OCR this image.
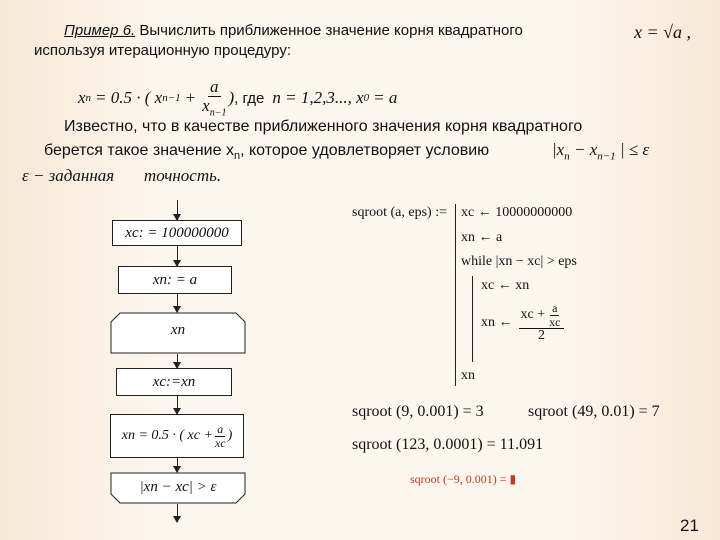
Пример 6. Вычислить приближенное значение корня квадратного
используя итерационную процедуру:
x = √a ,
x n = 0.5 · ( x $n-1 + \frac{a}{x_{n-1}}$ ) , где n = 1,2,3..., x 0 = a
Известно, что в качестве приближенного значения корня квадратного
берется такое значение $x_n$, которое удовлетворяет условию	$|x_n - x_{n-1}$ | ≤ ε
ε − заданная       точность.
xc: = 100000000
xn: = a
xn
xc:=xn
xn = 0.5 · ( xc + $\frac{a}{xc}$ )
|xn − xc| > ε
sqroot (a, eps) := xc ← 10000000000
xn ← a
while |xn − xc| > eps
xc ← xn
xn ← $\frac{xc + \frac{a}{xc}}{2}$
xn
sqroot (9, 0.001) = 3	sqroot (49, 0.01) = 7
sqroot (123, 0.0001) = 11.091
sqroot (−9, 0.001) = ▮
21
